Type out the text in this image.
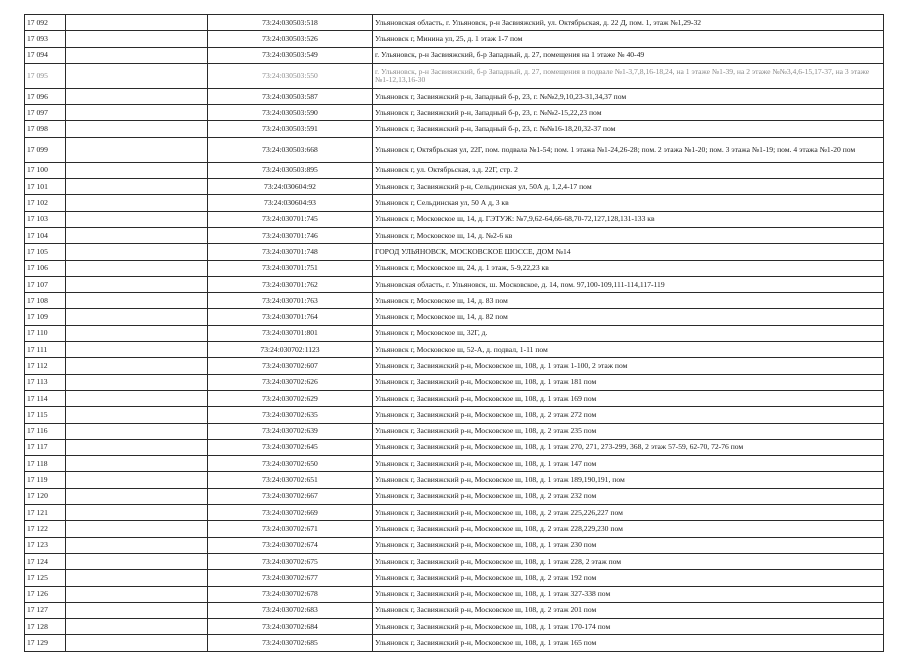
17 092		73:24:030503:518	Ульяновская область, г. Ульяновск, р-н Засвияжский, ул. Октябрьская, д. 22 Д, пом. 1, этаж №1,29-32
17 093		73:24:030503:526	Ульяновск г, Минина ул, 25, д. 1 этаж 1-7 пом
17 094		73:24:030503:549	г. Ульяновск, р-н Засвияжский, б-р Западный, д. 27, помещения на 1 этаже № 40-49
17 095		73:24:030503:550	г. Ульяновск, р-н Засвияжский, б-р Западный, д. 27, помещения в подвале №1-3,7,8,16-18,24, на 1 этаже №1-39, на 2 этаже №№3,4,6-15,17-37, на 3 этаже №1-12,13,16-30
17 096		73:24:030503:587	Ульяновск г, Засвияжский р-н, Западный б-р, 23, г. №№2,9,10,23-31,34,37 пом
17 097		73:24:030503:590	Ульяновск г, Засвияжский р-н, Западный б-р, 23, г. №№2-15,22,23 пом
17 098		73:24:030503:591	Ульяновск г, Засвияжский р-н, Западный б-р, 23, г. №№16-18,20,32-37 пом
17 099		73:24:030503:668	Ульяновск г, Октябрьская ул, 22Г, пом. подвала №1-54; пом. 1 этажа №1-24,26-28; пом. 2 этажа №1-20; пом. 3 этажа №1-19; пом. 4 этажа №1-20 пом
17 100		73:24:030503:895	Ульяновск г, ул. Октябрьская, з.д. 22Г, стр. 2
17 101		73:24:030604:92	Ульяновск г, Засвияжский р-н, Сельдинская ул, 50А д, 1,2,4-17 пом
17 102		73:24:030604:93	Ульяновск г, Сельдинская ул, 50 А д, 3 кв
17 103		73:24:030701:745	Ульяновск г, Московское ш, 14, д. ГЭТУЖ: №7,9,62-64,66-68,70-72,127,128,131-133 кв
17 104		73:24:030701:746	Ульяновск г, Московское ш, 14, д. №2-6 кв
17 105		73:24:030701:748	ГОРОД УЛЬЯНОВСК, МОСКОВСКОЕ ШОССЕ, ДОМ №14
17 106		73:24:030701:751	Ульяновск г, Московское ш, 24, д. 1 этаж, 5-9,22,23 кв
17 107		73:24:030701:762	Ульяновская область, г. Ульяновск, ш. Московское, д. 14, пом. 97,100-109,111-114,117-119
17 108		73:24:030701:763	Ульяновск г, Московское ш, 14, д. 83 пом
17 109		73:24:030701:764	Ульяновск г, Московское ш, 14, д. 82 пом
17 110		73:24:030701:801	Ульяновск г, Московское ш, 32Г, д.
17 111		73:24:030702:1123	Ульяновск г, Московское ш, 52-А, д. подвал, 1-11 пом
17 112		73:24:030702:607	Ульяновск г, Засвияжский р-н, Московское ш, 108, д. 1 этаж 1-100, 2 этаж пом
17 113		73:24:030702:626	Ульяновск г, Засвияжский р-н, Московское ш, 108, д. 1 этаж 181 пом
17 114		73:24:030702:629	Ульяновск г, Засвияжский р-н, Московское ш, 108, д. 1 этаж 169 пом
17 115		73:24:030702:635	Ульяновск г, Засвияжский р-н, Московское ш, 108, д. 2 этаж 272 пом
17 116		73:24:030702:639	Ульяновск г, Засвияжский р-н, Московское ш, 108, д. 2 этаж 235 пом
17 117		73:24:030702:645	Ульяновск г, Засвияжский р-н, Московское ш, 108, д. 1 этаж 270, 271, 273-299, 368, 2 этаж 57-59, 62-70, 72-76 пом
17 118		73:24:030702:650	Ульяновск г, Засвияжский р-н, Московское ш, 108, д. 1 этаж 147 пом
17 119		73:24:030702:651	Ульяновск г, Засвияжский р-н, Московское ш, 108, д. 1 этаж 189,190,191, пом
17 120		73:24:030702:667	Ульяновск г, Засвияжский р-н, Московское ш, 108, д. 2 этаж 232 пом
17 121		73:24:030702:669	Ульяновск г, Засвияжский р-н, Московское ш, 108, д. 2 этаж 225,226,227 пом
17 122		73:24:030702:671	Ульяновск г, Засвияжский р-н, Московское ш, 108, д. 2 этаж 228,229,230 пом
17 123		73:24:030702:674	Ульяновск г, Засвияжский р-н, Московское ш, 108, д. 1 этаж 230 пом
17 124		73:24:030702:675	Ульяновск г, Засвияжский р-н, Московское ш, 108, д. 1 этаж 228, 2 этаж пом
17 125		73:24:030702:677	Ульяновск г, Засвияжский р-н, Московское ш, 108, д. 2 этаж 192 пом
17 126		73:24:030702:678	Ульяновск г, Засвияжский р-н, Московское ш, 108, д. 1 этаж 327-338 пом
17 127		73:24:030702:683	Ульяновск г, Засвияжский р-н, Московское ш, 108, д. 2 этаж 201 пом
17 128		73:24:030702:684	Ульяновск г, Засвияжский р-н, Московское ш, 108, д. 1 этаж 170-174 пом
17 129		73:24:030702:685	Ульяновск г, Засвияжский р-н, Московское ш, 108, д. 1 этаж 165 пом
